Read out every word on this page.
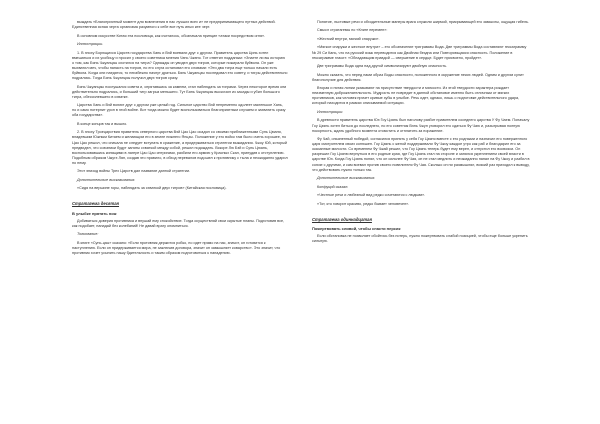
выждать «Благоприятный момент для вовлечения в нас лучших всех и» не предпринимающего путных действий. Единственная ясная черта организма разумного к себе все путь иных кее черт.

В основном искусстве Китая эта пословица, как считалось, обозначала принцип «атаки посредством огня».

Иллюстрации.

1. В эпоху Борющихся Царств государства Хань и Вэй воевали друг с другом. Правитель царства Цинь хотел вмешаться и их усобицу и просил у своего советника мнения Чэнь Чжэня. Тот ответил подданым: «Знаете ли вы историю о том, как Бянь Чжуанцзы охотился на тигра? Однажды он увидел двух тигров, которые пожирали буйвола. Он уже выхватил меч, чтобы напасть на тигров, но его слуга остановил его словами: «Эти два тигра еще только начали есть буйвола. Когда они наедятся, то неизбежно начнут драться. Бянь Чжуанцзы последовал его совету, и тигры действительно подрались. Тогда Бянь Чжуанцзы получил двух тигров сразу.

Бянь Чжуанцзы послушался совета и, спрятавшись за камнем, стал наблюдать за тиграми. Через некоторое время они действительно подрались, и больший тигр загрыз меньшего. Тут Бянь Чжуанцзы выскочил из засады и убил большого тигра, обессилевшего в схватке.

Царства Хань и Вэй воюют друг с другом уже целый год. Сильное царство Вэй непременно одолеет маленькое Хань, но и само потерпит урон в этой войне. Вот тогда можно будет воспользоваться благоприятным случаем и захватить сразу оба государства».

В конце концов так и вышло.

2. В эпоху Троецарствия правитель северного царства Вэй Цао Цао осадил со своими приближенными Сунь Цюаня, владевшим Южным Китаем и желающим его в земле нижнего Янцзы. Положение у его войск там было очень хорошее, но Цао Цао решил, что сначала не следует вступать в сражение, а придерживаться стратегии выжидания. Чжоу Юй, который предвидел, что союзники будут заняты схваткой между собой, решил подождать. Вскоре Лю Бэй и Сунь Цюань, воспользовавшись кипящими в лагере Цао Цао интригами, разбили его армию у Красных Скал, принудив к отступлению. Подобным образом Чжугэ Лян, создав это правило, в обход перевалов подошел к противнику с тыла и неожиданно ударил по нему.

Этот эпизод войны Трех Царств дал название данной стратегии.

Дополнительные высказывания:

«Сидя на вершине горы, наблюдать за схваткой двух тигров» (Китайская пословица).

Стратагема десятая
В улыбке прятать нож

Добиваться доверия противника и внушай ему спокойствие. Тогда осуществляй свои скрытые планы. Подготовив все, как подобает, нападай без колебаний! Не давай врагу опомниться.

Толкование:

В книге «Сунь-цзы» сказано: «Если противник держится робко, но идет прямо на нас, значит, он готовится к наступлению. Если он придерживается мира, не заключив договора, значит он замышляет коварство». Это значит, что противник хочет усыпить нашу бдительность и таким образом подготовиться к нападению.

Понятие, льстивые речи и обходительные манеры врага служили ширмой, прикрывающей его замыслы, ощущая гибель.

Смысл стратагемы по «Книге перемен»:

«Жесткий внутри, мягкий снаружи».

«Мягкое снаружи и жесткое внутри» – это обозначение триграммы Вода. Две триграммы Вода составляют гексаграмму № 29 Си Кань, что на русский язык переводится как Двойная бездна или Повторяющаяся опасность. Положение в гексаграмме гласит: «Обладающим правдой — свершение в сердце. Будет присвоено, пройдет».

Две триграммы Вода одна над другой символизируют двойную опасность.

Можно сказать, что перед нами образ Воды опасности, положенного в окружение неких людей. Одним и другим сулит благополучие для действия.

Вторая и пятая линии указывают на присутствие твердости и мягкости. Из этой твердости характера рождает неизменную доброжелательность. Мудрость не повредит в данной обстановке именно быть отличным от мягких противников, как человек прячет кривые зубы в улыбке. Речь идет, однако, лишь о подготовке действительного удара, который находится в рамках описываемой ситуации.

Иллюстрации:

В древности правитель царства Юэ Гоу Цзянь был наголову разбит правителем соседнего царства У Фу Чаем. Поначалу Гоу Цзянь хотел биться до последнего, но его советник Вэнь Чжун уговорил его сдаться Фу Чаю и, разыгрывая полную покорность, ждать удобного момента отомстить и отплатить за поражение.

Фу Чай, опьяненный победой, согласился принять у себя Гоу Цзяня вместе с его родными и назначил его поверженного царя смотрителем своих конюшен. Гоу Цзянь с женой поддерживали Фу Чжоу каждое утро как раб и благодарил его за оказанные милости. Со временем Фу Чжай решил, что Гоу Цзянь теперь будет ему верен, и отпустил его восвояси. Он разрешил Гоу Цзяню вернуться в его родные края, где Гоу Цзянь стал на стороне и занялся укреплением своей власти в царстве Юэ. Когда Гоу Цзянь понял, что он сильнее Фу Чая, он не стал медлить и неожиданно напал на Фу Чжоу и разбил в союзе с другими, и сам воевал против своего повелителя Фу Чая. Сколько он ни размышлял, всякий раз приходил к выводу, что действовать нужно только так.

Дополнительные высказывания:

Конфуций сказал:

«Честные речи и любезный вид редко сочетаются с людьми».

«Тот, кто говорит красиво, редко бывает человечен».

Стратагема одиннадцатая
Пожертвовать сливой, чтобы спасти персик

Если обстановка не позволяет обойтись без потерь, нужно пожертвовать слабой позицией, чтобы еще больше укрепить сильную.
